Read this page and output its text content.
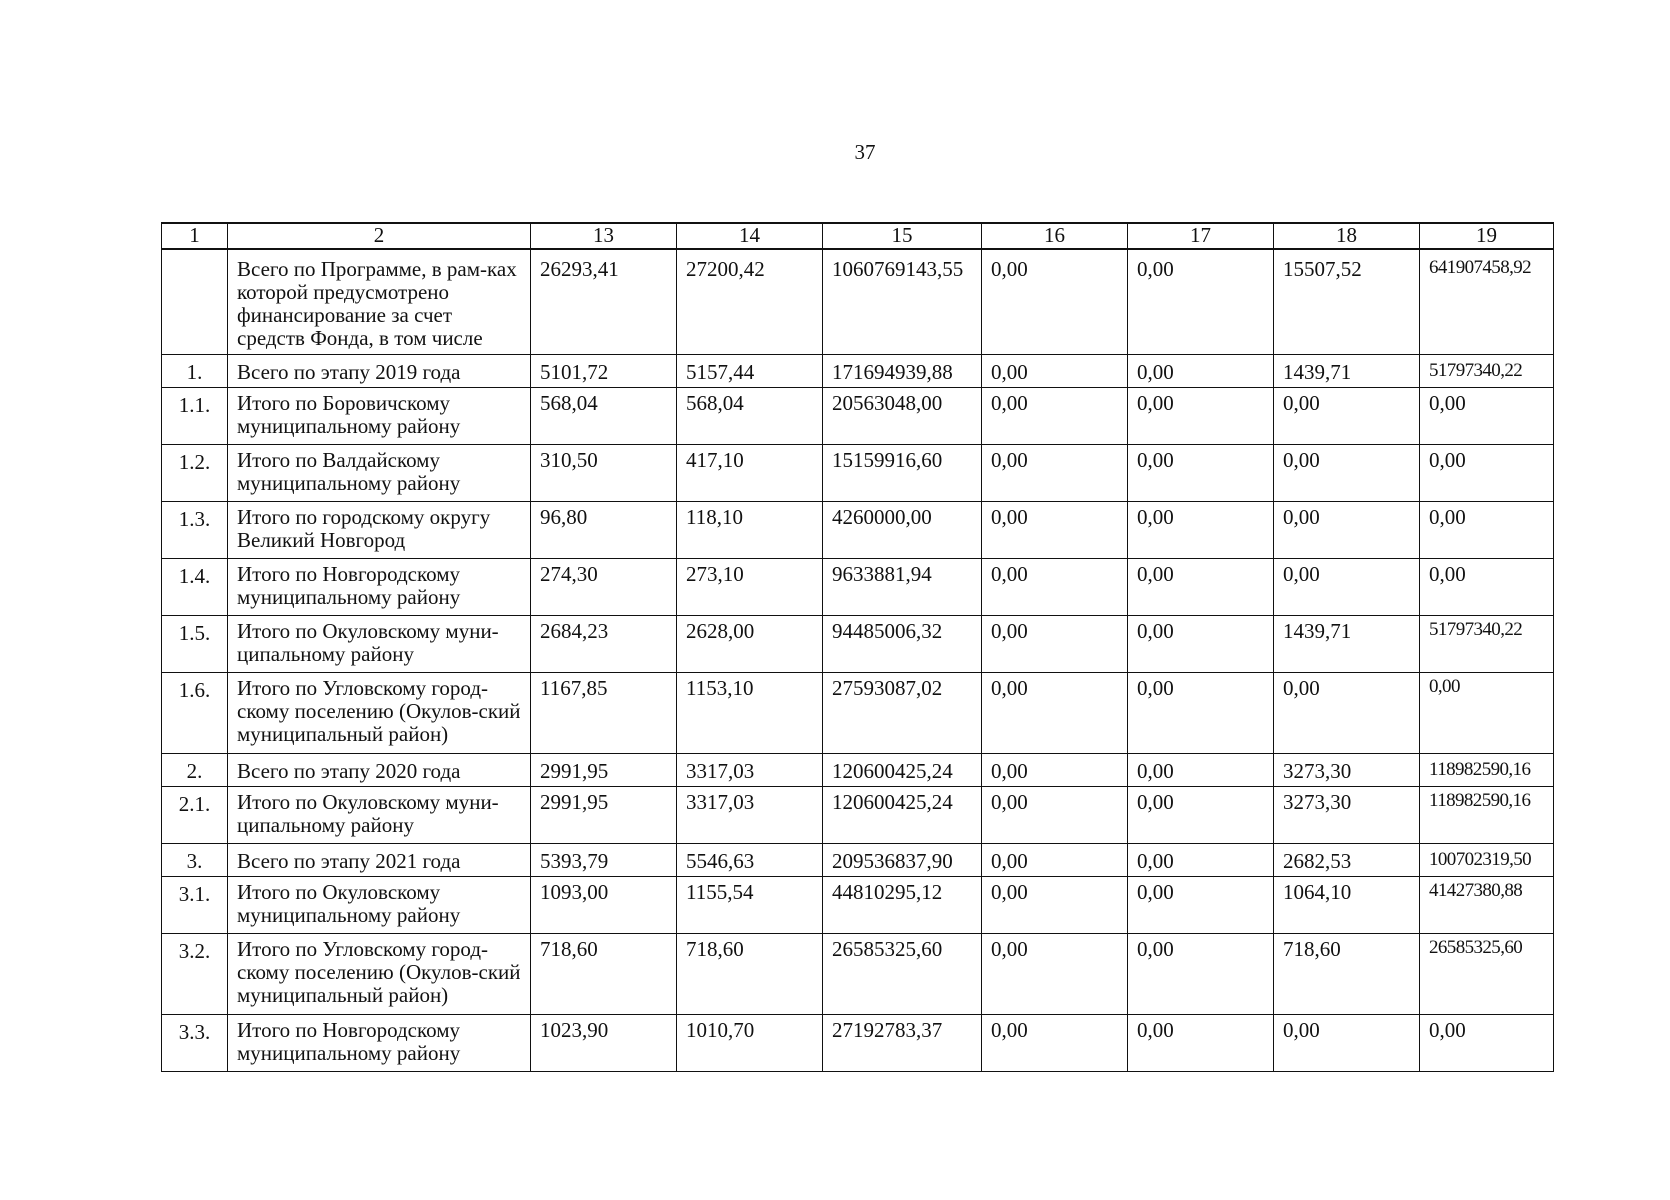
37
1	2	13	14	15	16	17	18	19
	Всего по Программе, в рам-ках которой предусмотрено финансирование за счет средств Фонда, в том числе	26293,41	27200,42	1060769143,55	0,00	0,00	15507,52	641907458,92
1.	Всего по этапу 2019 года	5101,72	5157,44	171694939,88	0,00	0,00	1439,71	51797340,22
1.1.	Итого по Боровичскому муниципальному району	568,04	568,04	20563048,00	0,00	0,00	0,00	0,00
1.2.	Итого по Валдайскому муниципальному району	310,50	417,10	15159916,60	0,00	0,00	0,00	0,00
1.3.	Итого по городскому округу Великий Новгород	96,80	118,10	4260000,00	0,00	0,00	0,00	0,00
1.4.	Итого по Новгородскому муниципальному району	274,30	273,10	9633881,94	0,00	0,00	0,00	0,00
1.5.	Итого по Окуловскому муни-ципальному району	2684,23	2628,00	94485006,32	0,00	0,00	1439,71	51797340,22
1.6.	Итого по Угловскому город-скому поселению (Окулов-ский муниципальный район)	1167,85	1153,10	27593087,02	0,00	0,00	0,00	0,00
2.	Всего по этапу 2020 года	2991,95	3317,03	120600425,24	0,00	0,00	3273,30	118982590,16
2.1.	Итого по Окуловскому муни-ципальному району	2991,95	3317,03	120600425,24	0,00	0,00	3273,30	118982590,16
3.	Всего по этапу 2021 года	5393,79	5546,63	209536837,90	0,00	0,00	2682,53	100702319,50
3.1.	Итого по Окуловскому муниципальному району	1093,00	1155,54	44810295,12	0,00	0,00	1064,10	41427380,88
3.2.	Итого по Угловскому город-скому поселению (Окулов-ский муниципальный район)	718,60	718,60	26585325,60	0,00	0,00	718,60	26585325,60
3.3.	Итого по Новгородскому муниципальному району	1023,90	1010,70	27192783,37	0,00	0,00	0,00	0,00
